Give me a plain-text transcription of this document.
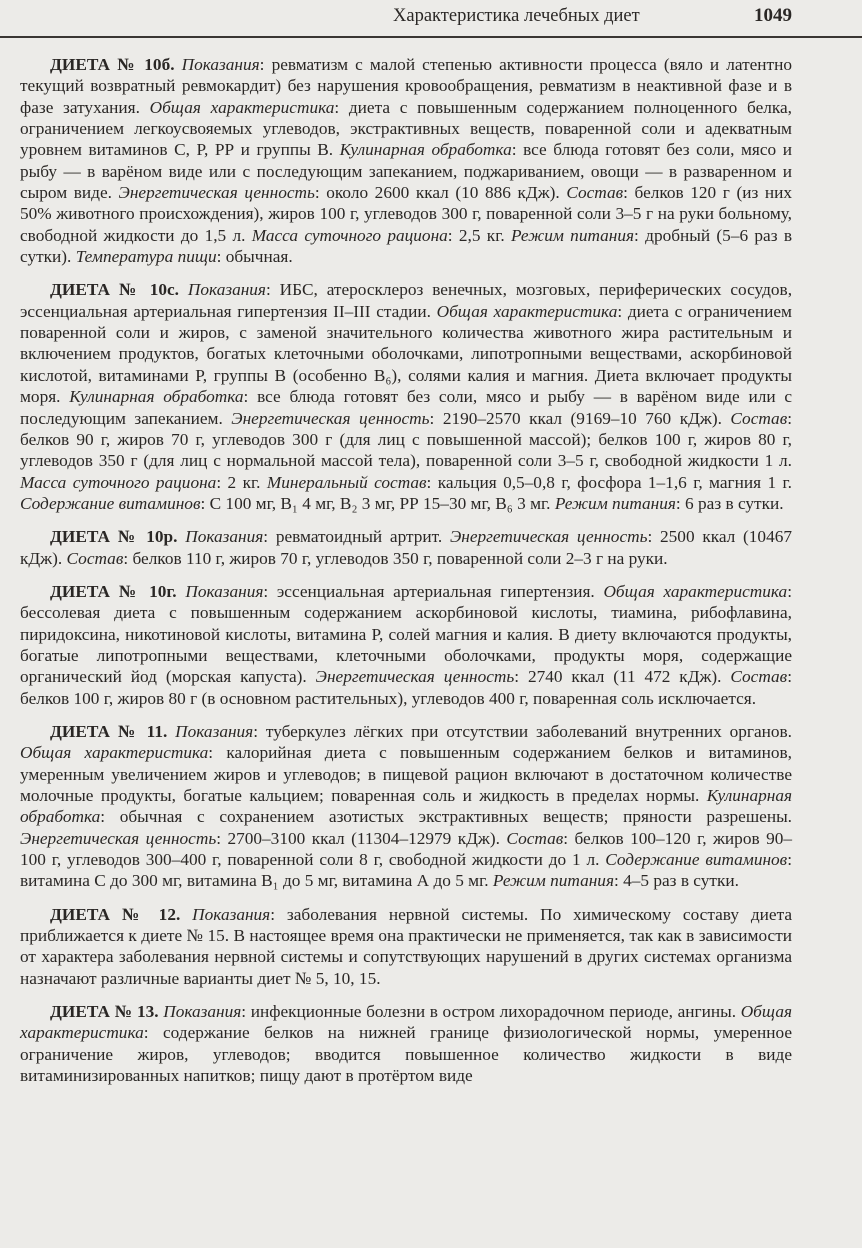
Характеристика лечебных диет	1049

ДИЕТА № 10б. Показания: ревматизм с малой степенью активности процесса (вяло и латентно текущий возвратный ревмокардит) без нарушения кровообращения, ревматизм в неактивной фазе и в фазе затухания. Общая характеристика: диета с повышенным содержанием полноценного белка, ограничением легкоусвояемых углеводов, экстрактивных веществ, поваренной соли и адекватным уровнем витаминов С, Р, РР и группы В. Кулинарная обработка: все блюда готовят без соли, мясо и рыбу — в варёном виде или с последующим запеканием, поджариванием, овощи — в разваренном и сыром виде. Энергетическая ценность: около 2600 ккал (10 886 кДж). Состав: белков 120 г (из них 50% животного происхождения), жиров 100 г, углеводов 300 г, поваренной соли 3–5 г на руки больному, свободной жидкости до 1,5 л. Масса суточного рациона: 2,5 кг. Режим питания: дробный (5–6 раз в сутки). Температура пищи: обычная.

ДИЕТА № 10с. Показания: ИБС, атеросклероз венечных, мозговых, периферических сосудов, эссенциальная артериальная гипертензия II–III стадии. Общая характеристика: диета с ограничением поваренной соли и жиров, с заменой значительного количества животного жира растительным и включением продуктов, богатых клеточными оболочками, липотропными веществами, аскорбиновой кислотой, витаминами Р, группы В (особенно В₆), солями калия и магния. Диета включает продукты моря. Кулинарная обработка: все блюда готовят без соли, мясо и рыбу — в варёном виде или с последующим запеканием. Энергетическая ценность: 2190–2570 ккал (9169–10 760 кДж). Состав: белков 90 г, жиров 70 г, углеводов 300 г (для лиц с повышенной массой); белков 100 г, жиров 80 г, углеводов 350 г (для лиц с нормальной массой тела), поваренной соли 3–5 г, свободной жидкости 1 л. Масса суточного рациона: 2 кг. Минеральный состав: кальция 0,5–0,8 г, фосфора 1–1,6 г, магния 1 г. Содержание витаминов: С 100 мг, B₁ 4 мг, B₂ 3 мг, РР 15–30 мг, B₆ 3 мг. Режим питания: 6 раз в сутки.

ДИЕТА № 10р. Показания: ревматоидный артрит. Энергетическая ценность: 2500 ккал (10467 кДж). Состав: белков 110 г, жиров 70 г, углеводов 350 г, поваренной соли 2–3 г на руки.

ДИЕТА № 10г. Показания: эссенциальная артериальная гипертензия. Общая характеристика: бессолевая диета с повышенным содержанием аскорбиновой кислоты, тиамина, рибофлавина, пиридоксина, никотиновой кислоты, витамина Р, солей магния и калия. В диету включаются продукты, богатые липотропными веществами, клеточными оболочками, продукты моря, содержащие органический йод (морская капуста). Энергетическая ценность: 2740 ккал (11 472 кДж). Состав: белков 100 г, жиров 80 г (в основном растительных), углеводов 400 г, поваренная соль исключается.

ДИЕТА № 11. Показания: туберкулез лёгких при отсутствии заболеваний внутренних органов. Общая характеристика: калорийная диета с повышенным содержанием белков и витаминов, умеренным увеличением жиров и углеводов; в пищевой рацион включают в достаточном количестве молочные продукты, богатые кальцием; поваренная соль и жидкость в пределах нормы. Кулинарная обработка: обычная с сохранением азотистых экстрактивных веществ; пряности разрешены. Энергетическая ценность: 2700–3100 ккал (11304–12979 кДж). Состав: белков 100–120 г, жиров 90–100 г, углеводов 300–400 г, поваренной соли 8 г, свободной жидкости до 1 л. Содержание витаминов: витамина С до 300 мг, витамина B₁ до 5 мг, витамина А до 5 мг. Режим питания: 4–5 раз в сутки.

ДИЕТА № 12. Показания: заболевания нервной системы. По химическому составу диета приближается к диете № 15. В настоящее время она практически не применяется, так как в зависимости от характера заболевания нервной системы и сопутствующих нарушений в других системах организма назначают различные варианты диет № 5, 10, 15.

ДИЕТА № 13. Показания: инфекционные болезни в остром лихорадочном периоде, ангины. Общая характеристика: содержание белков на нижней границе физиологической нормы, умеренное ограничение жиров, углеводов; вводится повышенное количество жидкости в виде витаминизированных напитков; пищу дают в протёртом виде
